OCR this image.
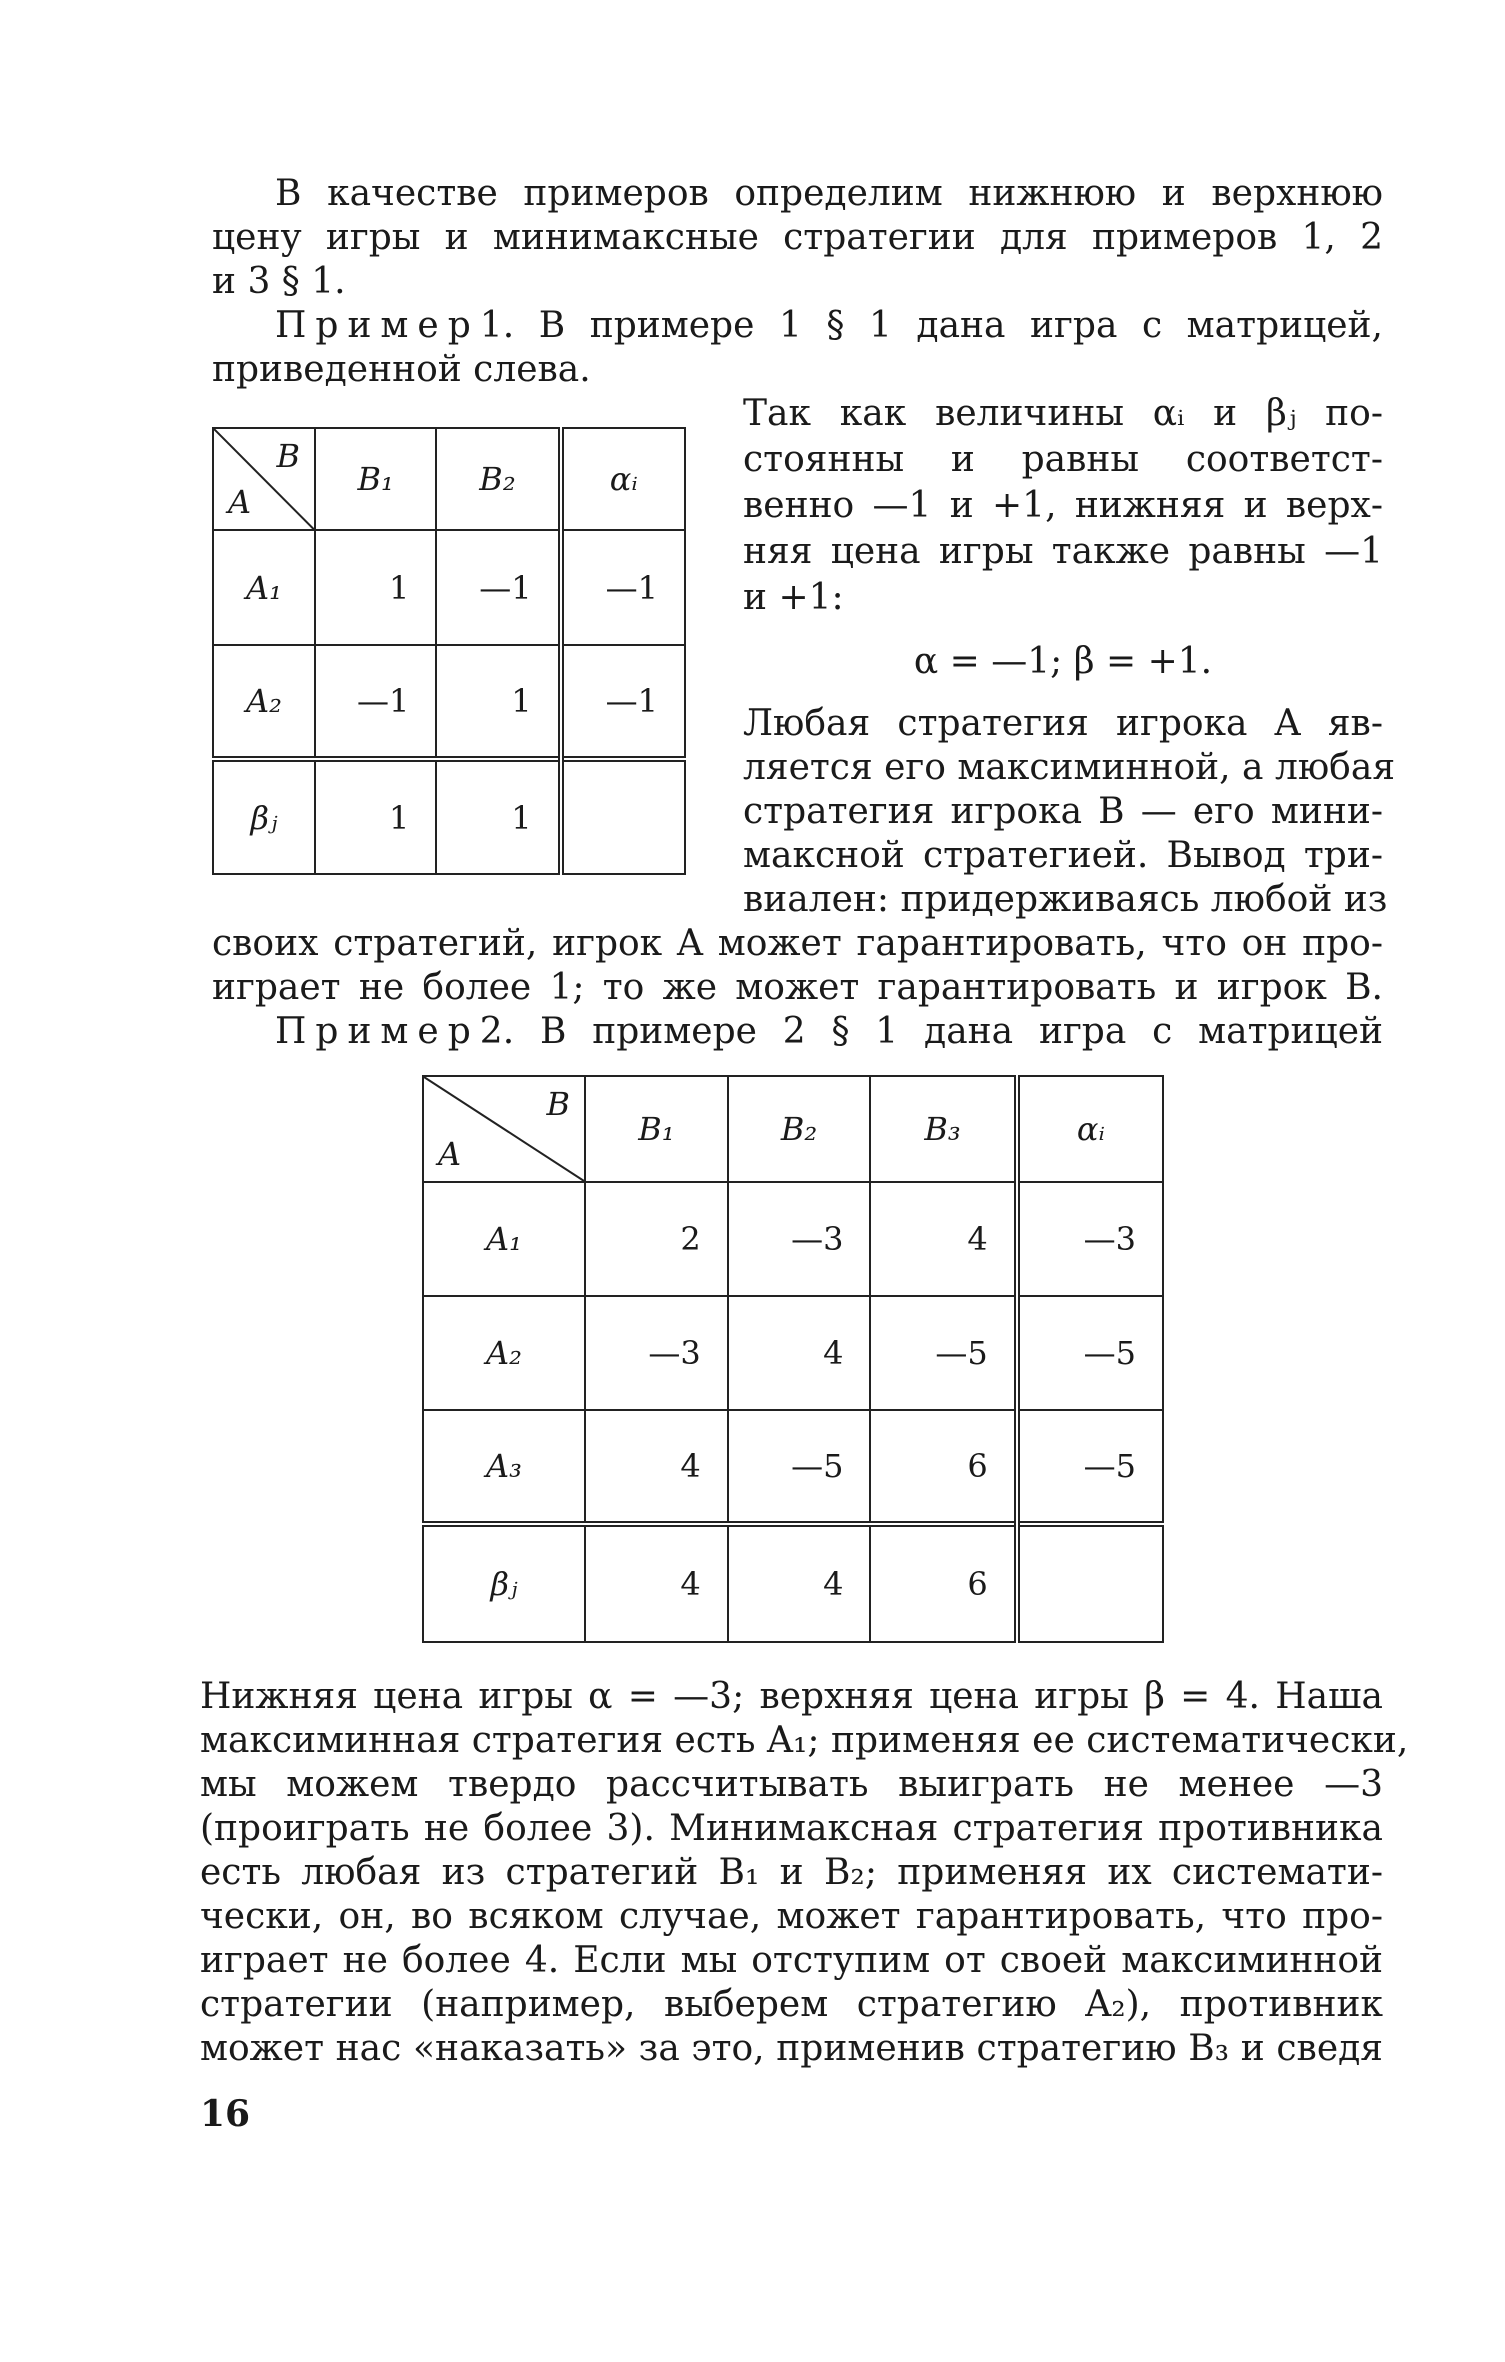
В качестве примеров определим нижнюю и верхнюю
цену игры и минимаксные стратегии для примеров 1, 2
и 3 § 1.
Пример 1. В примере 1 § 1 дана игра с матрицей,
приведенной слева.
B
A	B₁	B₂	αᵢ
A₁	1	—1	—1
A₂	—1	1	—1
βⱼ	1	1	
Так как величины αᵢ и βⱼ по-
стоянны и равны соответст-
венно —1 и +1, нижняя и верх-
няя цена игры также равны —1
и +1:
α = —1; β = +1.
Любая стратегия игрока A яв-
ляется его максиминной, а любая
стратегия игрока B — его мини-
максной стратегией. Вывод три-
виален: придерживаясь любой из
своих стратегий, игрок A может гарантировать, что он про-
играет не более 1; то же может гарантировать и игрок B.
Пример 2. В примере 2 § 1 дана игра с матрицей
B
A	B₁	B₂	B₃	αᵢ
A₁	2	—3	4	—3
A₂	—3	4	—5	—5
A₃	4	—5	6	—5
βⱼ	4	4	6	
Нижняя цена игры α = —3; верхняя цена игры β = 4. Наша
максиминная стратегия есть A₁; применяя ее систематически,
мы можем твердо рассчитывать выиграть не менее —3
(проиграть не более 3). Минимаксная стратегия противника
есть любая из стратегий B₁ и B₂; применяя их системати-
чески, он, во всяком случае, может гарантировать, что про-
играет не более 4. Если мы отступим от своей максиминной
стратегии (например, выберем стратегию A₂), противник
может нас «наказать» за это, применив стратегию B₃ и сведя
16
